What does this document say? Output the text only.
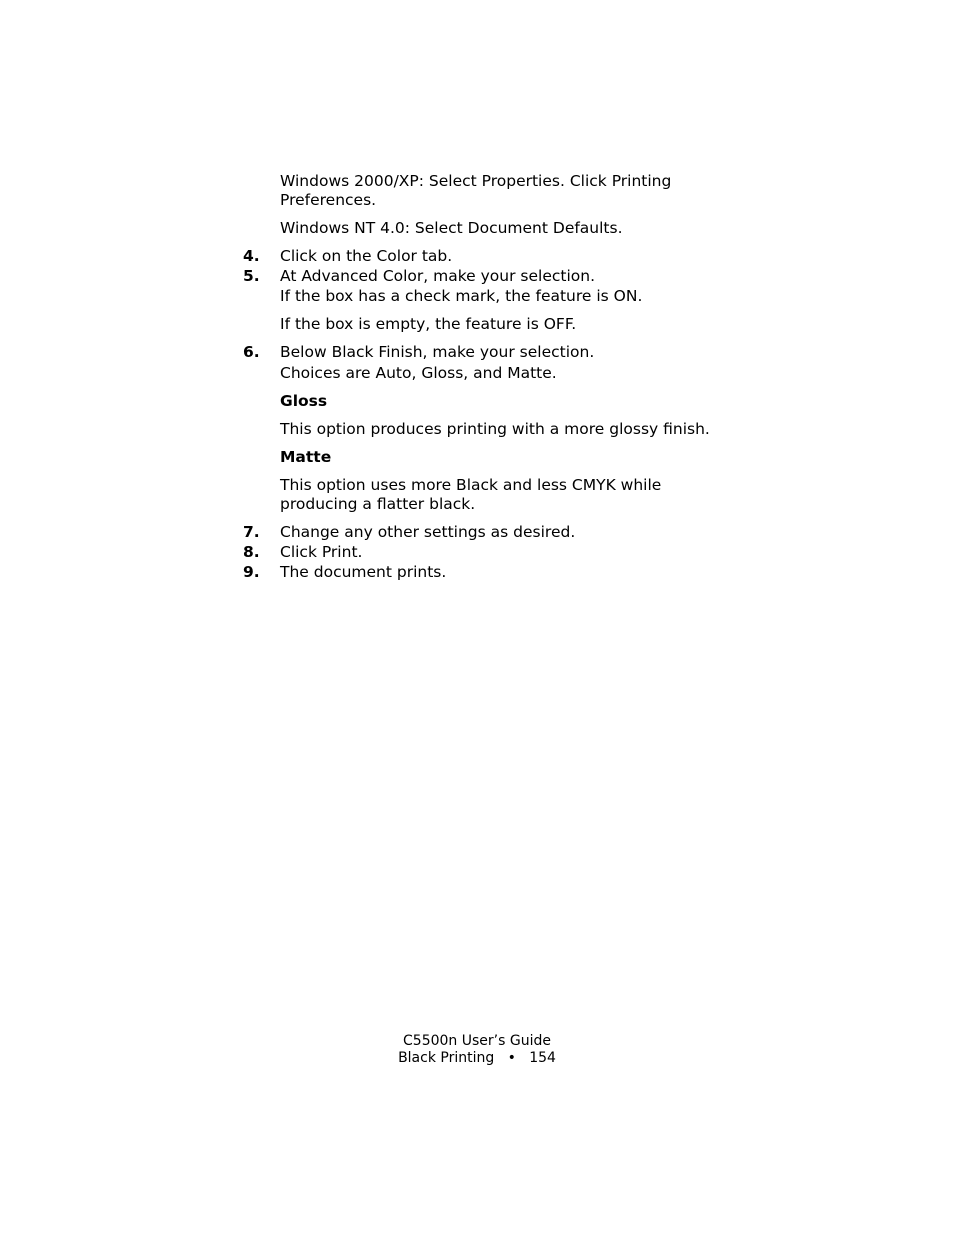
Windows 2000/XP: Select Properties. Click Printing
Preferences.
Windows NT 4.0: Select Document Defaults.
4. Click on the Color tab.
5. At Advanced Color, make your selection.
If the box has a check mark, the feature is ON.
If the box is empty, the feature is OFF.
6. Below Black Finish, make your selection.
Choices are Auto, Gloss, and Matte.
Gloss
This option produces printing with a more glossy finish.
Matte
This option uses more Black and less CMYK while
producing a flatter black.
7. Change any other settings as desired.
8. Click Print.
9. The document prints.
C5500n User’s Guide
Black Printing   •   154
